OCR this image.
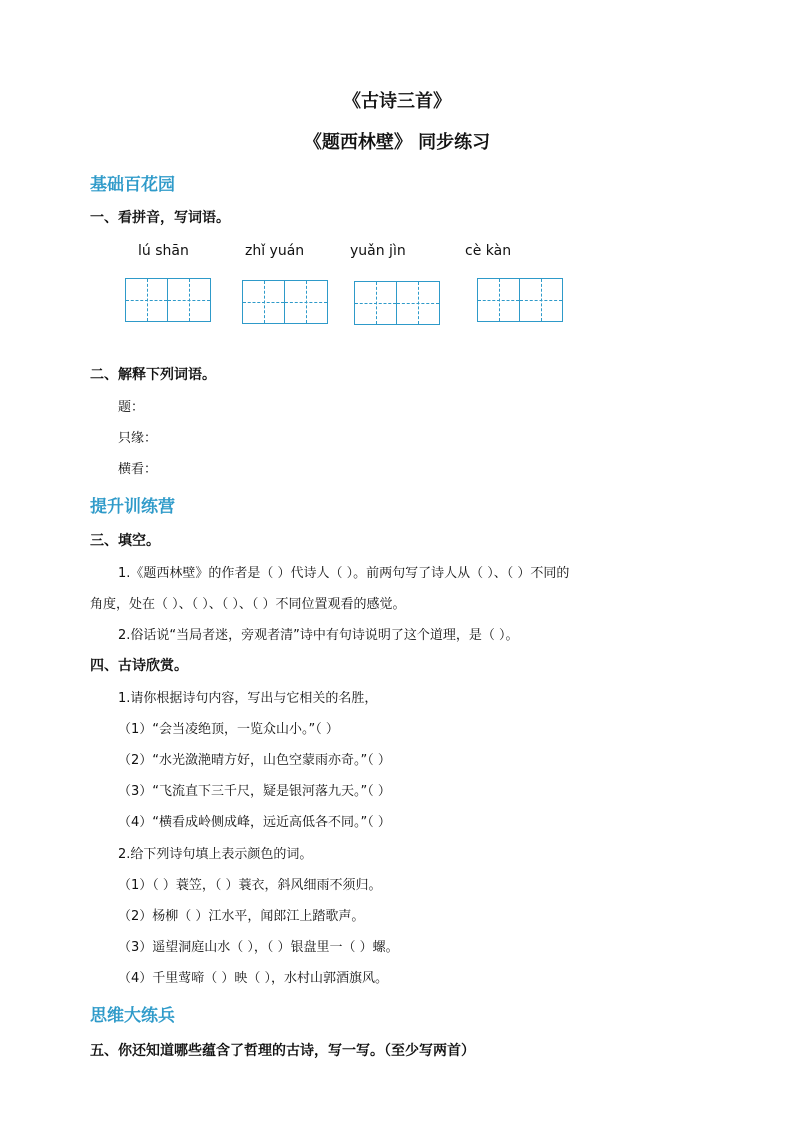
《古诗三首》
《题西林壁》 同步练习
基础百花园
一、看拼音，写词语。
lú shān	zhǐ yuán	yuǎn jìn	cè kàn
二、解释下列词语。
题：
只缘：
横看：
提升训练营
三、填空。
1.《题西林壁》的作者是（ ）代诗人（ ）。前两句写了诗人从（ ）、（ ）不同的
角度，处在（ ）、（ ）、（ ）、（ ）不同位置观看的感觉。
2.俗话说“当局者迷，旁观者清”诗中有句诗说明了这个道理，是（ ）。
四、古诗欣赏。
1.请你根据诗句内容，写出与它相关的名胜，
（1）“会当凌绝顶，一览众山小。”（ ）
（2）“水光潋滟晴方好，山色空蒙雨亦奇。”（ ）
（3）“飞流直下三千尺，疑是银河落九天。”（ ）
（4）“横看成岭侧成峰，远近高低各不同。”（ ）
2.给下列诗句填上表示颜色的词。
（1）（ ）蓑笠，（ ）蓑衣，斜风细雨不须归。
（2）杨柳（ ）江水平，闻郎江上踏歌声。
（3）遥望洞庭山水（ ），（ ）银盘里一（ ）螺。
（4）千里莺啼（ ）映（ ），水村山郭酒旗风。
思维大练兵
五、你还知道哪些蕴含了哲理的古诗，写一写。（至少写两首）
